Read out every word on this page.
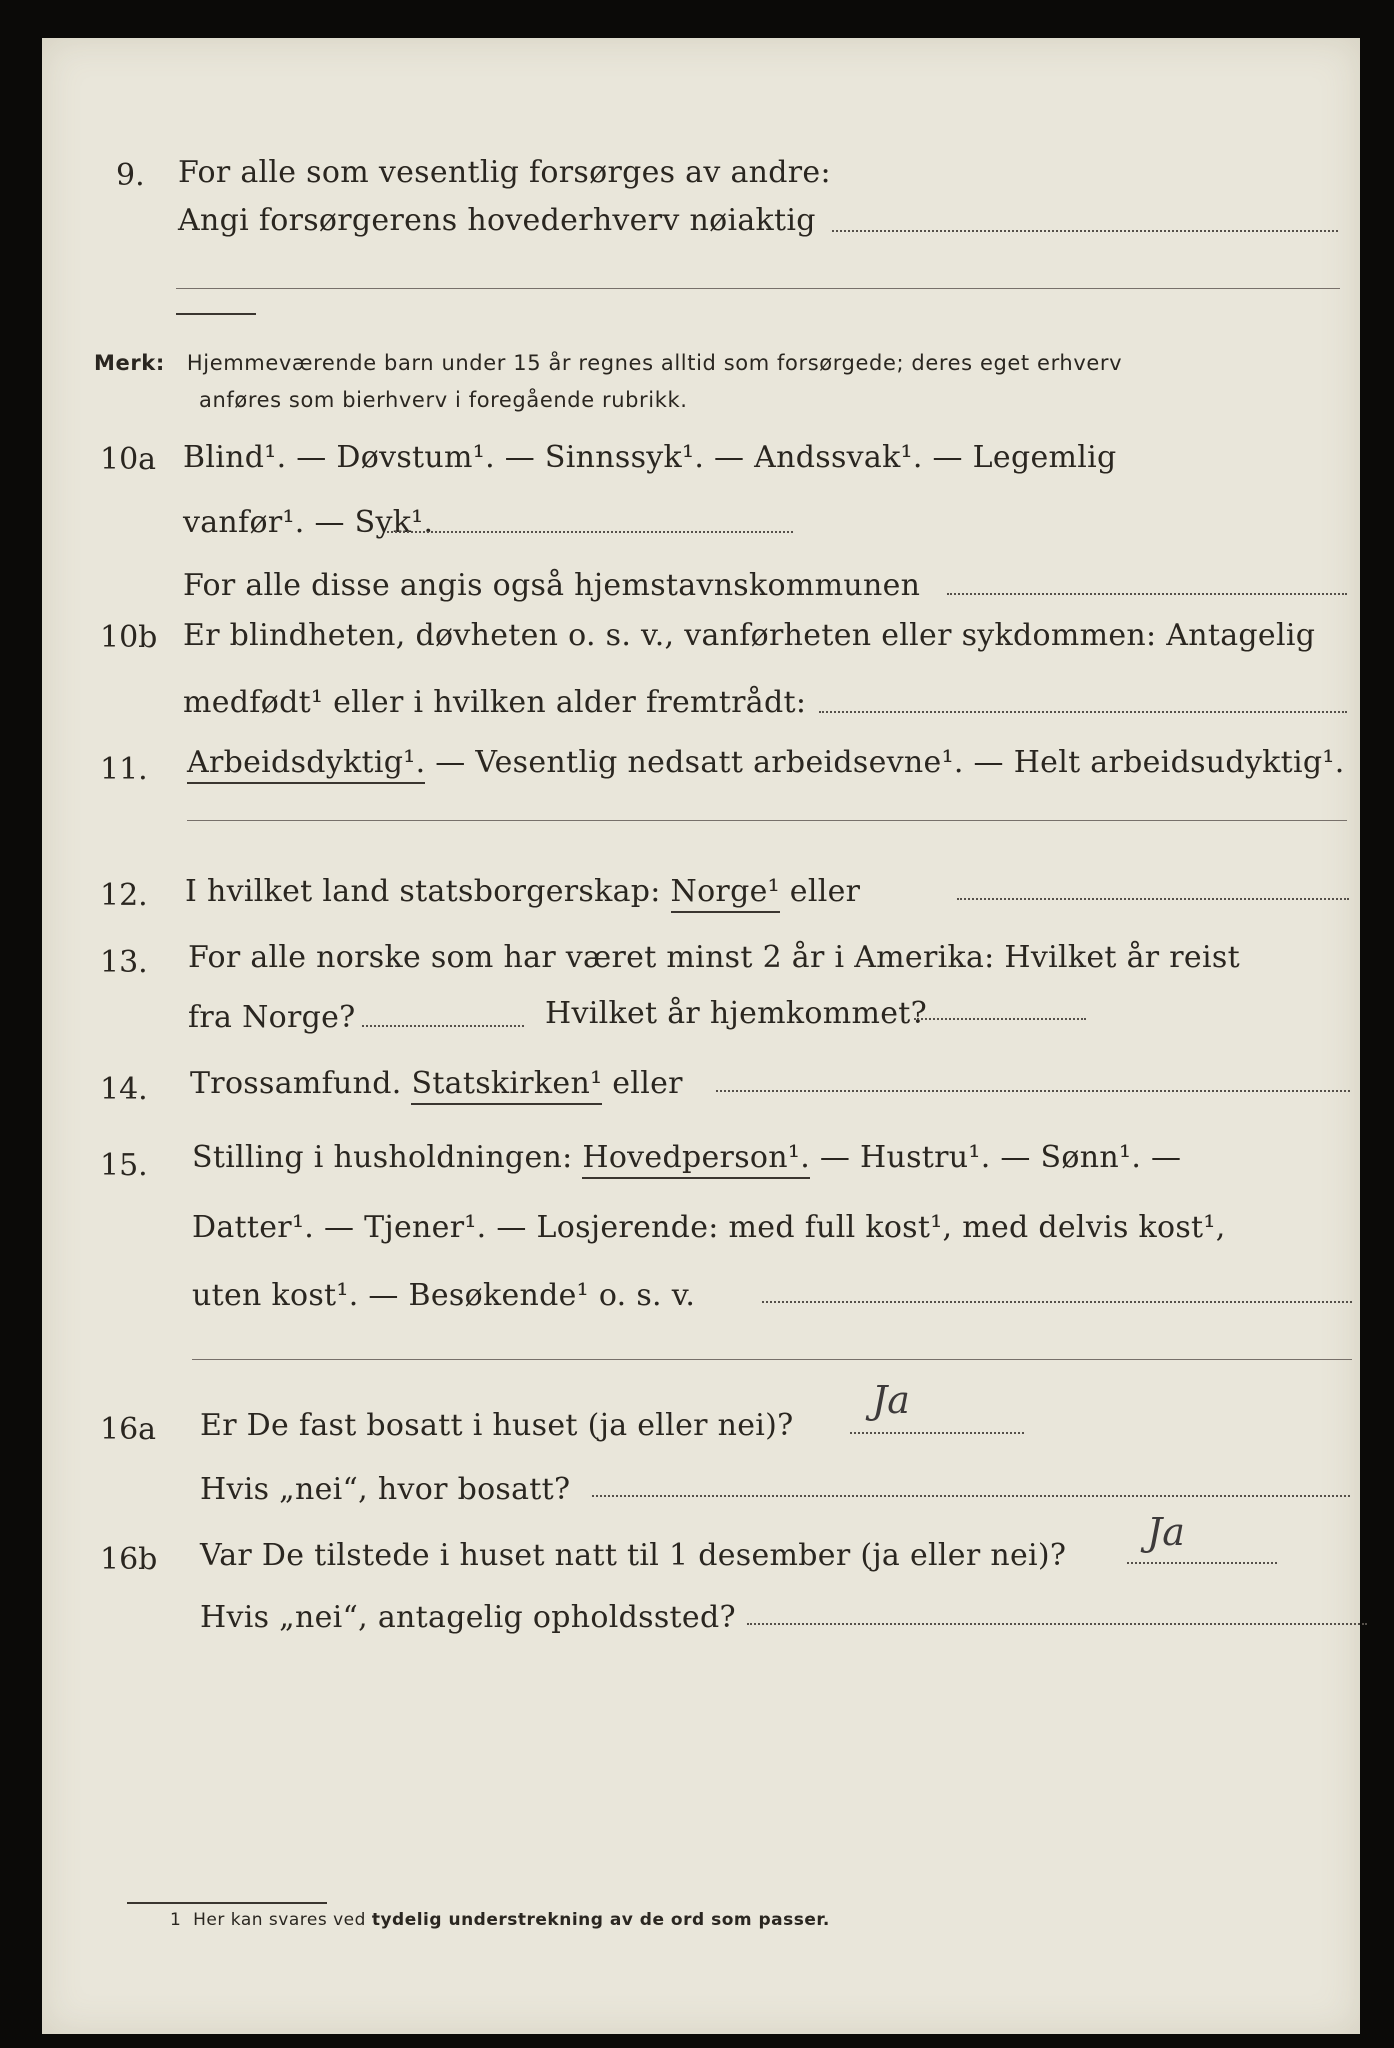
9. For alle som vesentlig forsørges av andre:
Angi forsørgerens hovederhverv nøiaktig
Merk: Hjemmeværende barn under 15 år regnes alltid som forsørgede; deres eget erhverv
anføres som bierhverv i foregående rubrikk.
10a Blind¹. — Døvstum¹. — Sinnssyk¹. — Andssvak¹. — Legemlig
vanfør¹. — Syk¹.
For alle disse angis også hjemstavnskommunen
10b Er blindheten, døvheten o. s. v., vanførheten eller sykdommen: Antagelig
medfødt¹ eller i hvilken alder fremtrådt:
11. Arbeidsdyktig¹. — Vesentlig nedsatt arbeidsevne¹. — Helt arbeidsudyktig¹.
12. I hvilket land statsborgerskap: Norge¹ eller
13. For alle norske som har været minst 2 år i Amerika: Hvilket år reist
fra Norge?	Hvilket år hjemkommet?
14. Trossamfund. Statskirken¹ eller
15. Stilling i husholdningen: Hovedperson¹. — Hustru¹. — Sønn¹. —
Datter¹. — Tjener¹. — Losjerende: med full kost¹, med delvis kost¹,
uten kost¹. — Besøkende¹ o. s. v.
16a Er De fast bosatt i huset (ja eller nei)?
Ja
Hvis „nei“, hvor bosatt?
16b Var De tilstede i huset natt til 1 desember (ja eller nei)?
Ja
Hvis „nei“, antagelig opholdssted?
1 Her kan svares ved tydelig understrekning av de ord som passer.
